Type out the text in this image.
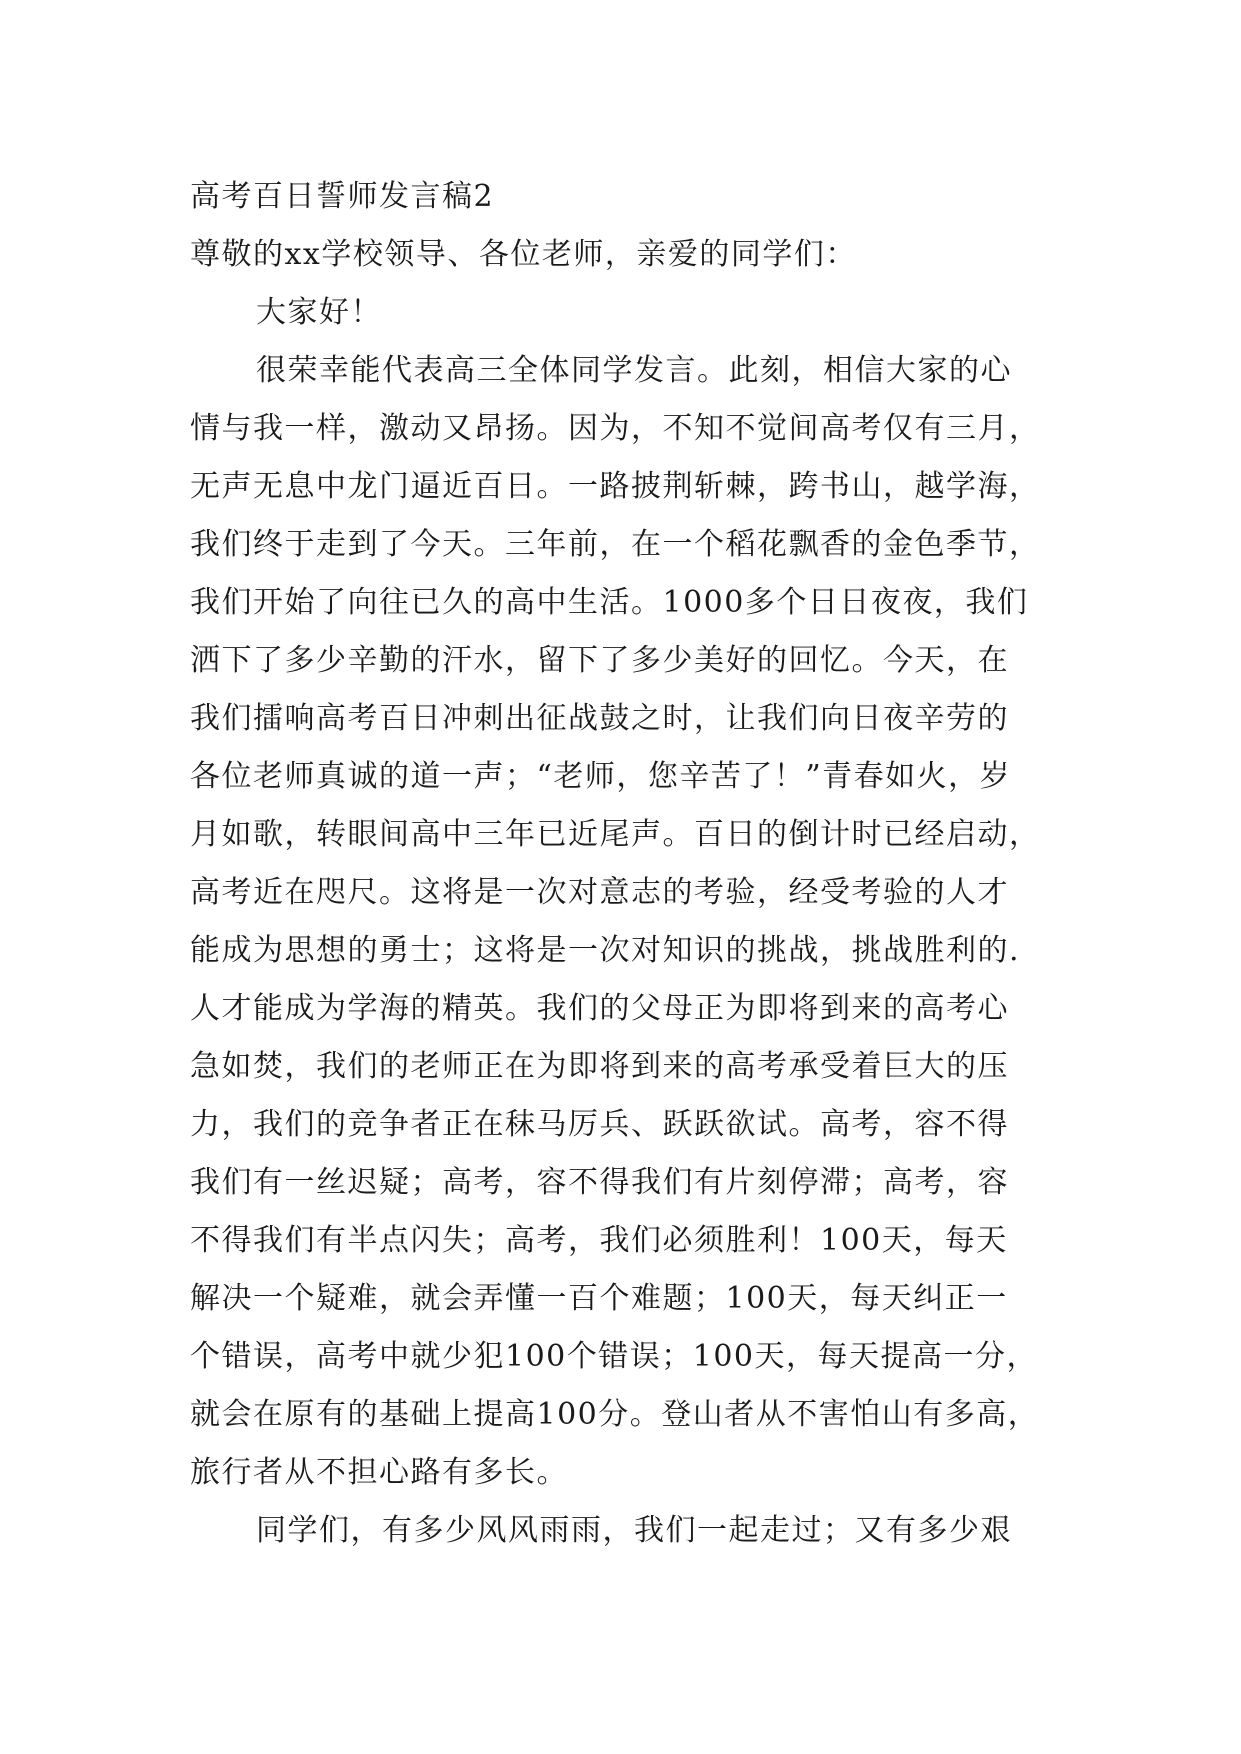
高考百日誓师发言稿2
尊敬的xx学校领导、各位老师，亲爱的同学们：
大家好！
很荣幸能代表高三全体同学发言。此刻，相信大家的心
情与我一样，激动又昂扬。因为，不知不觉间高考仅有三月，
无声无息中龙门逼近百日。一路披荆斩棘，跨书山，越学海，
我们终于走到了今天。三年前，在一个稻花飘香的金色季节，
我们开始了向往已久的高中生活。1000多个日日夜夜，我们
洒下了多少辛勤的汗水，留下了多少美好的回忆。今天，在
我们擂响高考百日冲刺出征战鼓之时，让我们向日夜辛劳的
各位老师真诚的道一声；“老师，您辛苦了！”青春如火，岁
月如歌，转眼间高中三年已近尾声。百日的倒计时已经启动，
高考近在咫尺。这将是一次对意志的考验，经受考验的人才
能成为思想的勇士；这将是一次对知识的挑战，挑战胜利的.
人才能成为学海的精英。我们的父母正为即将到来的高考心
急如焚，我们的老师正在为即将到来的高考承受着巨大的压
力，我们的竞争者正在秣马厉兵、跃跃欲试。高考，容不得
我们有一丝迟疑；高考，容不得我们有片刻停滞；高考，容
不得我们有半点闪失；高考，我们必须胜利！100天，每天
解决一个疑难，就会弄懂一百个难题；100天，每天纠正一
个错误，高考中就少犯100个错误；100天，每天提高一分，
就会在原有的基础上提高100分。登山者从不害怕山有多高，
旅行者从不担心路有多长。
同学们，有多少风风雨雨，我们一起走过；又有多少艰
